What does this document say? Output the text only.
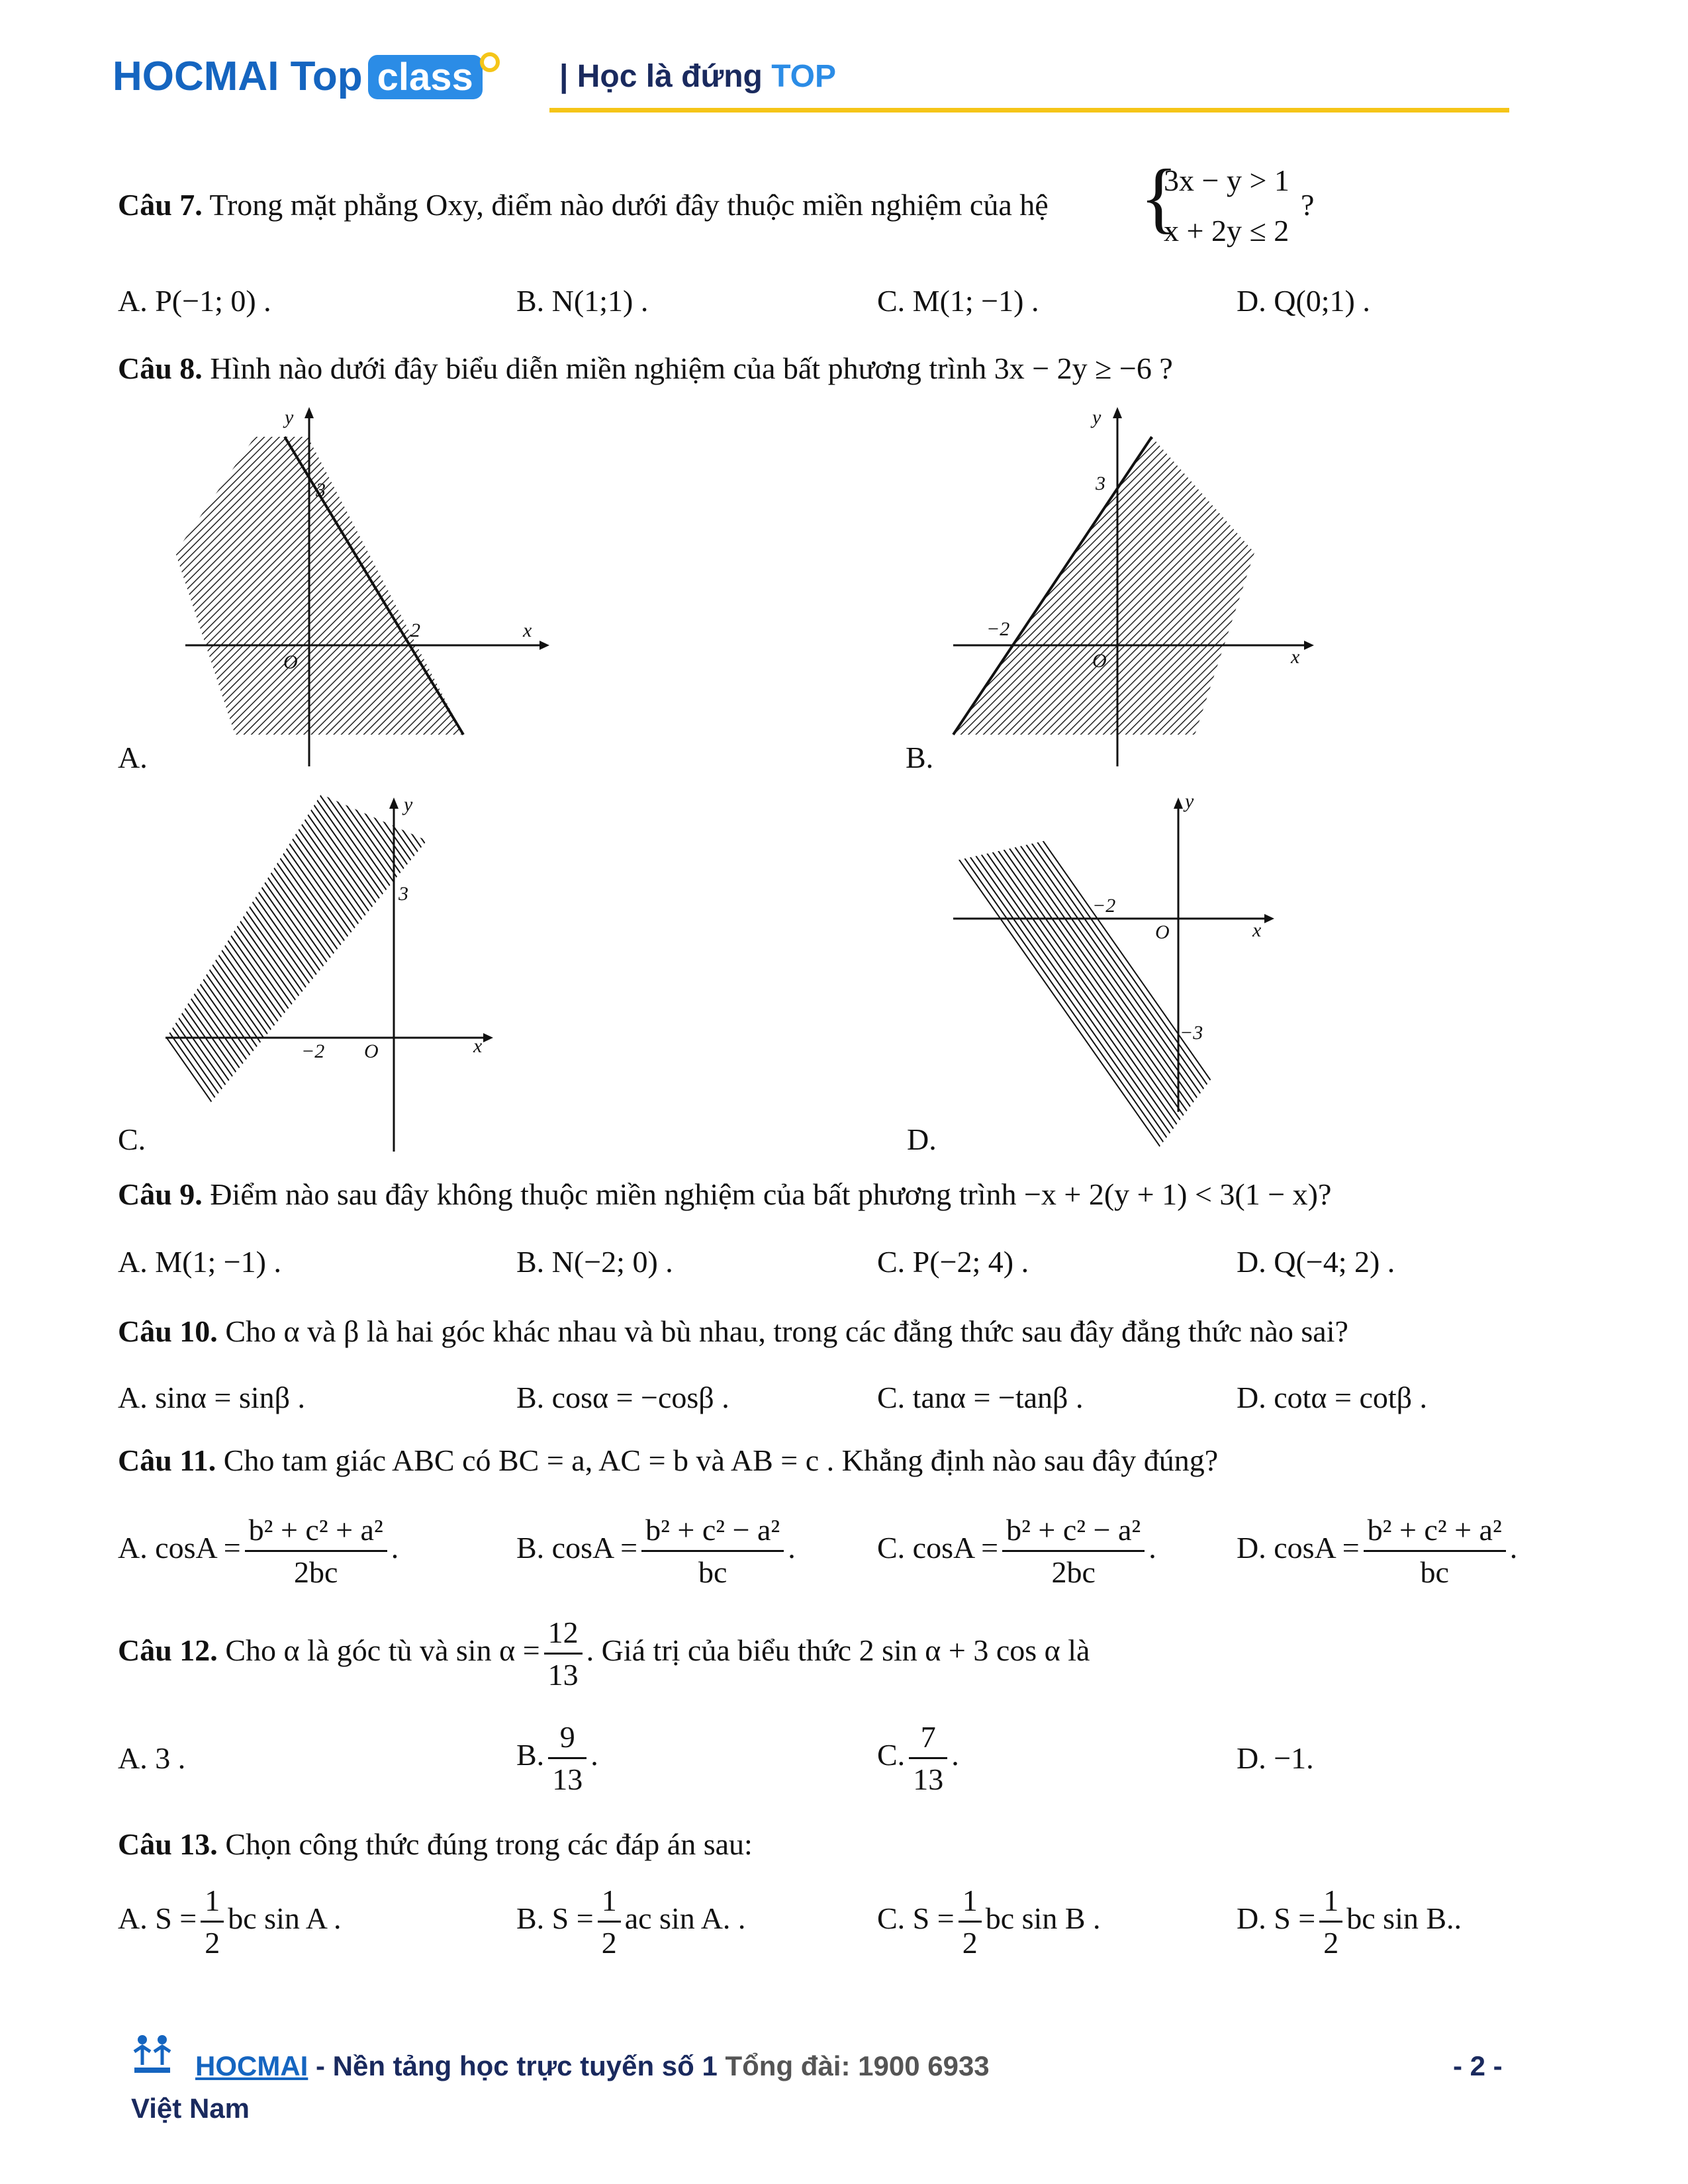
HOCMAI Top class	| Học là đứng TOP
Câu 7. Trong mặt phẳng Oxy, điểm nào dưới đây thuộc miền nghiệm của hệ {
3x − y > 1
x + 2y ≤ 2
?
A. P(−1; 0) .	B. N(1;1) .	C. M(1; −1) .	D. Q(0;1) .
Câu 8. Hình nào dưới đây biểu diễn miền nghiệm của bất phương trình 3x − 2y ≥ −6 ?
y
x
O
3
2
A.
y
x
O
3
−2
B.
y
x
O
3
−2
C.
y
x
O
−2
−3
D.
Câu 9. Điểm nào sau đây không thuộc miền nghiệm của bất phương trình −x + 2(y + 1) < 3(1 − x)?
A. M(1; −1) .	B. N(−2; 0) .	C. P(−2; 4) .	D. Q(−4; 2) .
Câu 10. Cho α và β là hai góc khác nhau và bù nhau, trong các đẳng thức sau đây đẳng thức nào sai?
A. sinα = sinβ .	B. cosα = −cosβ .	C. tanα = −tanβ .	D. cotα = cotβ .
Câu 11. Cho tam giác ABC có BC = a, AC = b và AB = c . Khẳng định nào sau đây đúng?
A. $\cos A = \frac{\text{b² + c² + a²}}{2bc}$ .	B. $\cos A = \frac{\text{b² + c² − a²}}{bc}$ .	C. $\cos A = \frac{\text{b² + c² − a²}}{2bc}$ .	D. $\cos A = \frac{\text{b² + c² + a²}}{bc}$ .
Câu 12. Cho α là góc tù và $\sin \alpha = \frac{12}{13}$ . Giá trị của biểu thức 2 sin α + 3 cos α là
A. 3 .	B. $\frac{9}{13}$ .	C. $\frac{7}{13}$ .	D. −1.
Câu 13. Chọn công thức đúng trong các đáp án sau:
A. $S = \frac{1}{2}$ bc sin A .	B. $S = \frac{1}{2}$ ac sin A. .	C. $S = \frac{1}{2}$ bc sin B .	D. $S = \frac{1}{2}$ bc sin B..
HOCMAI - Nền tảng học trực tuyến số 1 Tổng đài: 1900 6933	- 2 -
Việt Nam
